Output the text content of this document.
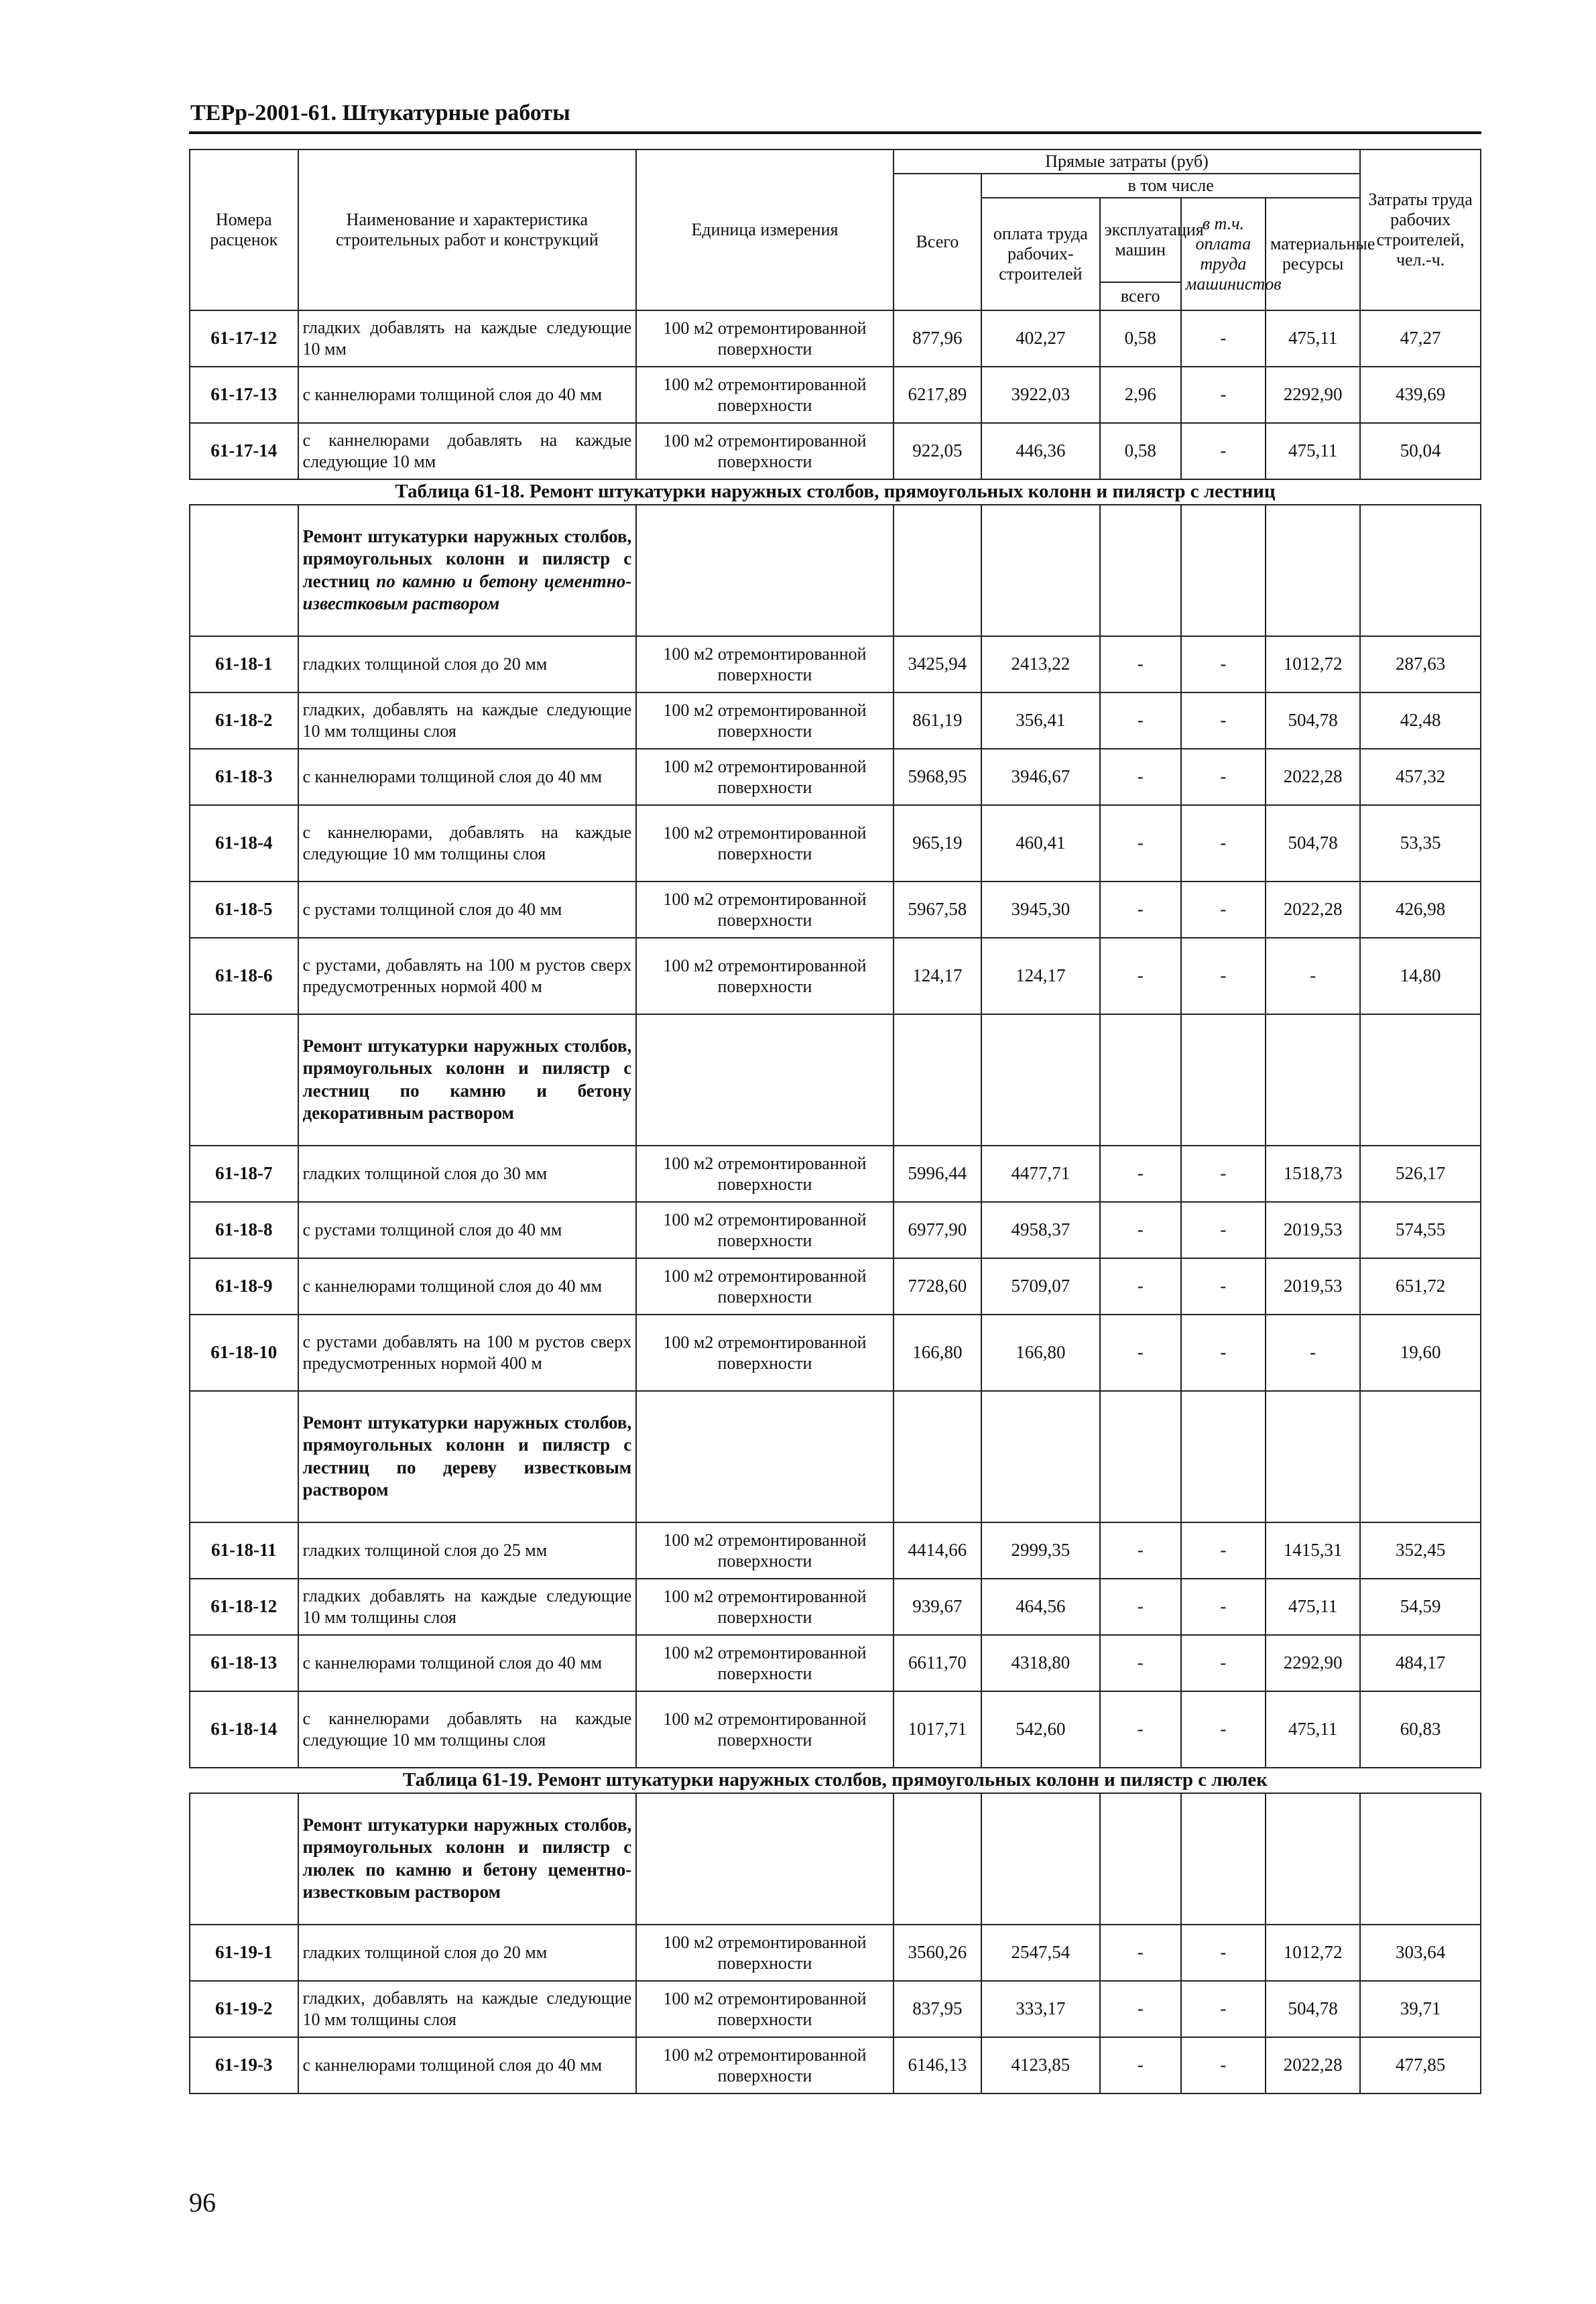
ТЕРр-2001-61. Штукатурные работы
Номера расценок	Наименование и характеристика строительных работ и конструкций	Единица измерения	Прямые затраты (руб)					Затраты труда рабочих строителей, чел.-ч.
			Всего	в том числе				
				оплата труда рабочих-строителей	эксплуатация машин	в т.ч. оплата труда машинистов	материальные ресурсы	
					всего			
61-17-12	гладких добавлять на каждые следующие 10 мм	100 м2 отремонтированной поверхности	877,96	402,27	0,58	-	475,11	47,27
61-17-13	с каннелюрами толщиной слоя до 40 мм	100 м2 отремонтированной поверхности	6217,89	3922,03	2,96	-	2292,90	439,69
61-17-14	с каннелюрами добавлять на каждые следующие 10 мм	100 м2 отремонтированной поверхности	922,05	446,36	0,58	-	475,11	50,04
Таблица 61-18. Ремонт штукатурки наружных столбов, прямоугольных колонн и пилястр с лестниц								
	Ремонт штукатурки наружных столбов, прямоугольных колонн и пилястр с лестниц по камню и бетону цементно-известковым раствором							
61-18-1	гладких толщиной слоя до 20 мм	100 м2 отремонтированной поверхности	3425,94	2413,22	-	-	1012,72	287,63
61-18-2	гладких, добавлять на каждые следующие 10 мм толщины слоя	100 м2 отремонтированной поверхности	861,19	356,41	-	-	504,78	42,48
61-18-3	с каннелюрами толщиной слоя до 40 мм	100 м2 отремонтированной поверхности	5968,95	3946,67	-	-	2022,28	457,32
61-18-4	с каннелюрами, добавлять на каждые следующие 10 мм толщины слоя	100 м2 отремонтированной поверхности	965,19	460,41	-	-	504,78	53,35
61-18-5	с рустами толщиной слоя до 40 мм	100 м2 отремонтированной поверхности	5967,58	3945,30	-	-	2022,28	426,98
61-18-6	с рустами, добавлять на 100 м рустов сверх предусмотренных нормой 400 м	100 м2 отремонтированной поверхности	124,17	124,17	-	-	-	14,80
	Ремонт штукатурки наружных столбов, прямоугольных колонн и пилястр с лестниц по камню и бетону декоративным раствором							
61-18-7	гладких толщиной слоя до 30 мм	100 м2 отремонтированной поверхности	5996,44	4477,71	-	-	1518,73	526,17
61-18-8	с рустами толщиной слоя до 40 мм	100 м2 отремонтированной поверхности	6977,90	4958,37	-	-	2019,53	574,55
61-18-9	с каннелюрами толщиной слоя до 40 мм	100 м2 отремонтированной поверхности	7728,60	5709,07	-	-	2019,53	651,72
61-18-10	с рустами добавлять на 100 м рустов сверх предусмотренных нормой 400 м	100 м2 отремонтированной поверхности	166,80	166,80	-	-	-	19,60
	Ремонт штукатурки наружных столбов, прямоугольных колонн и пилястр с лестниц по дереву известковым раствором							
61-18-11	гладких толщиной слоя до 25 мм	100 м2 отремонтированной поверхности	4414,66	2999,35	-	-	1415,31	352,45
61-18-12	гладких добавлять на каждые следующие 10 мм толщины слоя	100 м2 отремонтированной поверхности	939,67	464,56	-	-	475,11	54,59
61-18-13	с каннелюрами толщиной слоя до 40 мм	100 м2 отремонтированной поверхности	6611,70	4318,80	-	-	2292,90	484,17
61-18-14	с каннелюрами добавлять на каждые следующие 10 мм толщины слоя	100 м2 отремонтированной поверхности	1017,71	542,60	-	-	475,11	60,83
Таблица 61-19. Ремонт штукатурки наружных столбов, прямоугольных колонн и пилястр с люлек								
	Ремонт штукатурки наружных столбов, прямоугольных колонн и пилястр с люлек по камню и бетону цементно-известковым раствором							
61-19-1	гладких толщиной слоя до 20 мм	100 м2 отремонтированной поверхности	3560,26	2547,54	-	-	1012,72	303,64
61-19-2	гладких, добавлять на каждые следующие 10 мм толщины слоя	100 м2 отремонтированной поверхности	837,95	333,17	-	-	504,78	39,71
61-19-3	с каннелюрами толщиной слоя до 40 мм	100 м2 отремонтированной поверхности	6146,13	4123,85	-	-	2022,28	477,85
96
